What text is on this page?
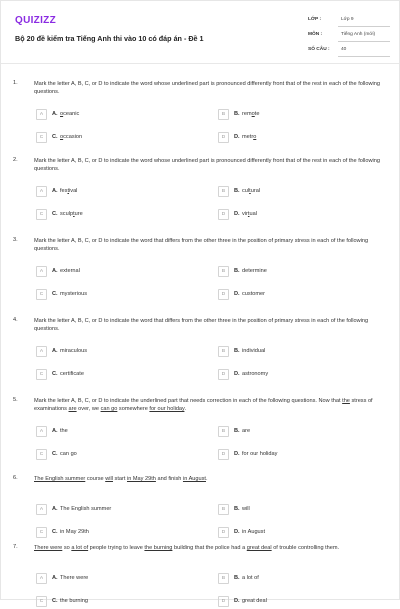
QUIZIZZ
Bộ 20 đề kiểm tra Tiếng Anh thi vào 10 có đáp án - Đề 1
LỚP :	Lớp 9
MÔN :	Tiếng Anh (mới)
SỐ CÂU :	40
1.	Mark the letter A, B, C, or D to indicate the word whose underlined part is pronounced differently front that of the rest in each of the following questions.
A	A. oceanic	B	B. remote
C	C. occasion	D	D. metro
2.	Mark the letter A, B, C, or D to indicate the word whose underlined part is pronounced differently front that of the rest in each of the following questions.
A	A. festival	B	B. cultural
C	C. sculpture	D	D. virtual
3.	Mark the letter A, B, C, or D to indicate the word that differs from the other three in the position of primary stress in each of the following questions.
A	A. external	B	B. determine
C	C. mysterious	D	D. customer
4.	Mark the letter A, B, C, or D to indicate the word that differs from the other three in the position of primary stress in each of the following questions.
A	A. miraculous	B	B. individual
C	C. certificate	D	D. astronomy
5.	Mark the letter A, B, C, or D to indicate the underlined part that needs correction in each of the following questions. Now that the stress of examinations are over, we can go somewhere for our holiday.
A	A. the	B	B. are
C	C. can go	D	D. for our holiday
6.	The English summer course will start in May 29th and finish in August.
A	A. The English summer	B	B. will
C	C. in May 29th	D	D. in August
7.	There were so a lot of people trying to leave the burning building that the police had a great deal of trouble controlling them.
A	A. There were	B	B. a lot of
C	C. the burning	D	D. great deal
